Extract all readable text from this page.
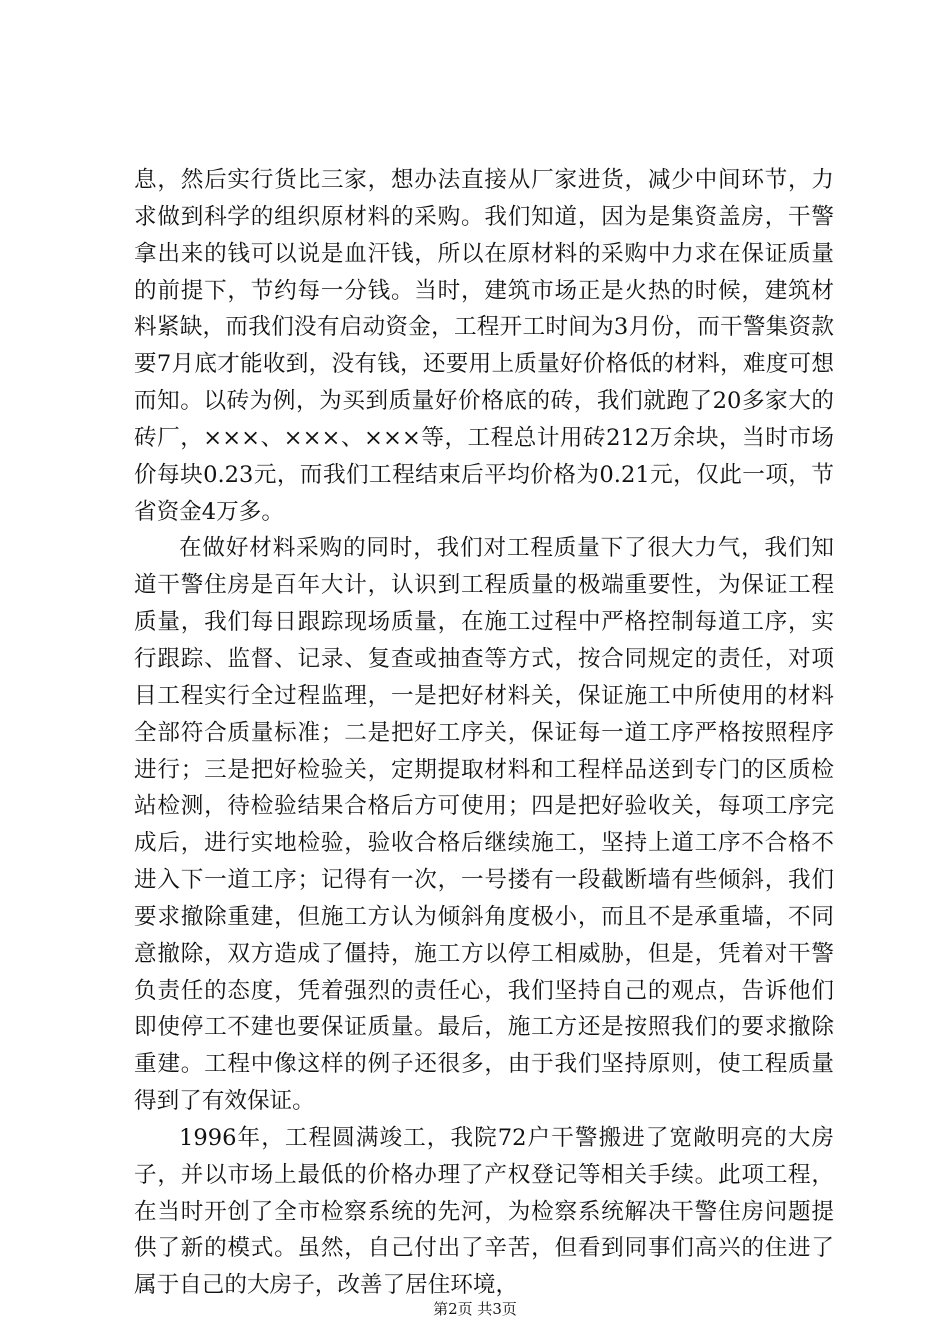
息，然后实行货比三家，想办法直接从厂家进货，减少中间环节，力求做到科学的组织原材料的采购。我们知道，因为是集资盖房，干警拿出来的钱可以说是血汗钱，所以在原材料的采购中力求在保证质量的前提下，节约每一分钱。当时，建筑市场正是火热的时候，建筑材料紧缺，而我们没有启动资金，工程开工时间为3月份，而干警集资款要7月底才能收到，没有钱，还要用上质量好价格低的材料，难度可想而知。以砖为例，为买到质量好价格底的砖，我们就跑了20多家大的砖厂，×××、×××、×××等，工程总计用砖212万余块，当时市场价每块0.23元，而我们工程结束后平均价格为0.21元，仅此一项，节省资金4万多。

在做好材料采购的同时，我们对工程质量下了很大力气，我们知道干警住房是百年大计，认识到工程质量的极端重要性，为保证工程质量，我们每日跟踪现场质量，在施工过程中严格控制每道工序，实行跟踪、监督、记录、复查或抽查等方式，按合同规定的责任，对项目工程实行全过程监理，一是把好材料关，保证施工中所使用的材料全部符合质量标准；二是把好工序关，保证每一道工序严格按照程序进行；三是把好检验关，定期提取材料和工程样品送到专门的区质检站检测，待检验结果合格后方可使用；四是把好验收关，每项工序完成后，进行实地检验，验收合格后继续施工，坚持上道工序不合格不进入下一道工序；记得有一次，一号搂有一段截断墙有些倾斜，我们要求撤除重建，但施工方认为倾斜角度极小，而且不是承重墙，不同意撤除，双方造成了僵持，施工方以停工相威胁，但是，凭着对干警负责任的态度，凭着强烈的责任心，我们坚持自己的观点，告诉他们即使停工不建也要保证质量。最后，施工方还是按照我们的要求撤除重建。工程中像这样的例子还很多，由于我们坚持原则，使工程质量得到了有效保证。

1996年，工程圆满竣工，我院72户干警搬进了宽敞明亮的大房子，并以市场上最低的价格办理了产权登记等相关手续。此项工程，在当时开创了全市检察系统的先河，为检察系统解决干警住房问题提供了新的模式。虽然，自己付出了辛苦，但看到同事们高兴的住进了属于自己的大房子，改善了居住环境，

第2页 共3页
